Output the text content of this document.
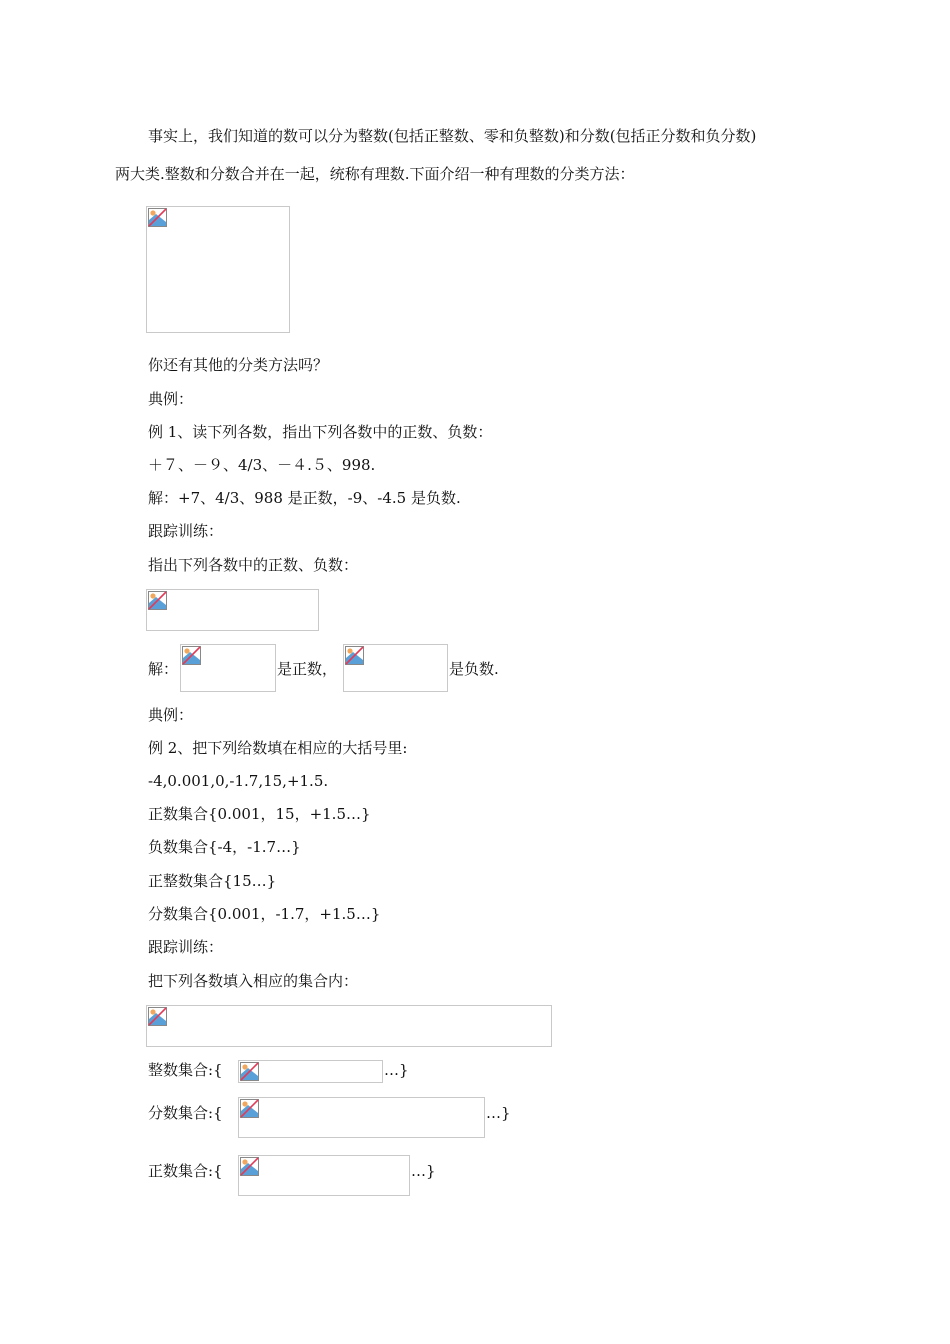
事实上，我们知道的数可以分为整数(包括正整数、零和负整数)和分数(包括正分数和负分数)
两大类.整数和分数合并在一起，统称有理数.下面介绍一种有理数的分类方法：
你还有其他的分类方法吗？
典例：
例 1、读下列各数，指出下列各数中的正数、负数：
＋７、－９、4/3、－４.５、998.
解：+7、4/3、988 是正数，-9、-4.5 是负数.
跟踪训练：
指出下列各数中的正数、负数：
解：	是正数，	是负数.
典例：
例 2、把下列给数填在相应的大括号里:
-4,0.001,0,-1.7,15,+1.5.
正数集合{0.001，15，+1.5…}
负数集合{-4，-1.7…}
正整数集合{15…}
分数集合{0.001，-1.7，+1.5…}
跟踪训练：
把下列各数填入相应的集合内：
整数集合:{	…}
分数集合:{	…}
正数集合:{	…}
